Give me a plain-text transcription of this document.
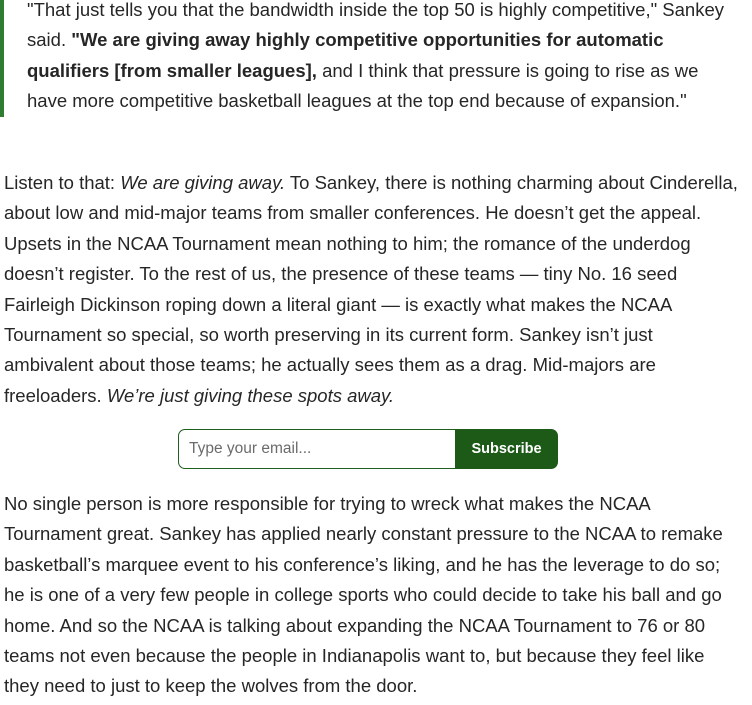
"That just tells you that the bandwidth inside the top 50 is highly competitive," Sankey said. "We are giving away highly competitive opportunities for automatic qualifiers [from smaller leagues], and I think that pressure is going to rise as we have more competitive basketball leagues at the top end because of expansion."

Listen to that: We are giving away. To Sankey, there is nothing charming about Cinderella, about low and mid-major teams from smaller conferences. He doesn’t get the appeal. Upsets in the NCAA Tournament mean nothing to him; the romance of the underdog doesn’t register. To the rest of us, the presence of these teams — tiny No. 16 seed Fairleigh Dickinson roping down a literal giant — is exactly what makes the NCAA Tournament so special, so worth preserving in its current form. Sankey isn’t just ambivalent about those teams; he actually sees them as a drag. Mid-majors are freeloaders. We’re just giving these spots away.

Type your email...
Subscribe

No single person is more responsible for trying to wreck what makes the NCAA Tournament great. Sankey has applied nearly constant pressure to the NCAA to remake basketball’s marquee event to his conference’s liking, and he has the leverage to do so; he is one of a very few people in college sports who could decide to take his ball and go home. And so the NCAA is talking about expanding the NCAA Tournament to 76 or 80 teams not even because the people in Indianapolis want to, but because they feel like they need to just to keep the wolves from the door.
